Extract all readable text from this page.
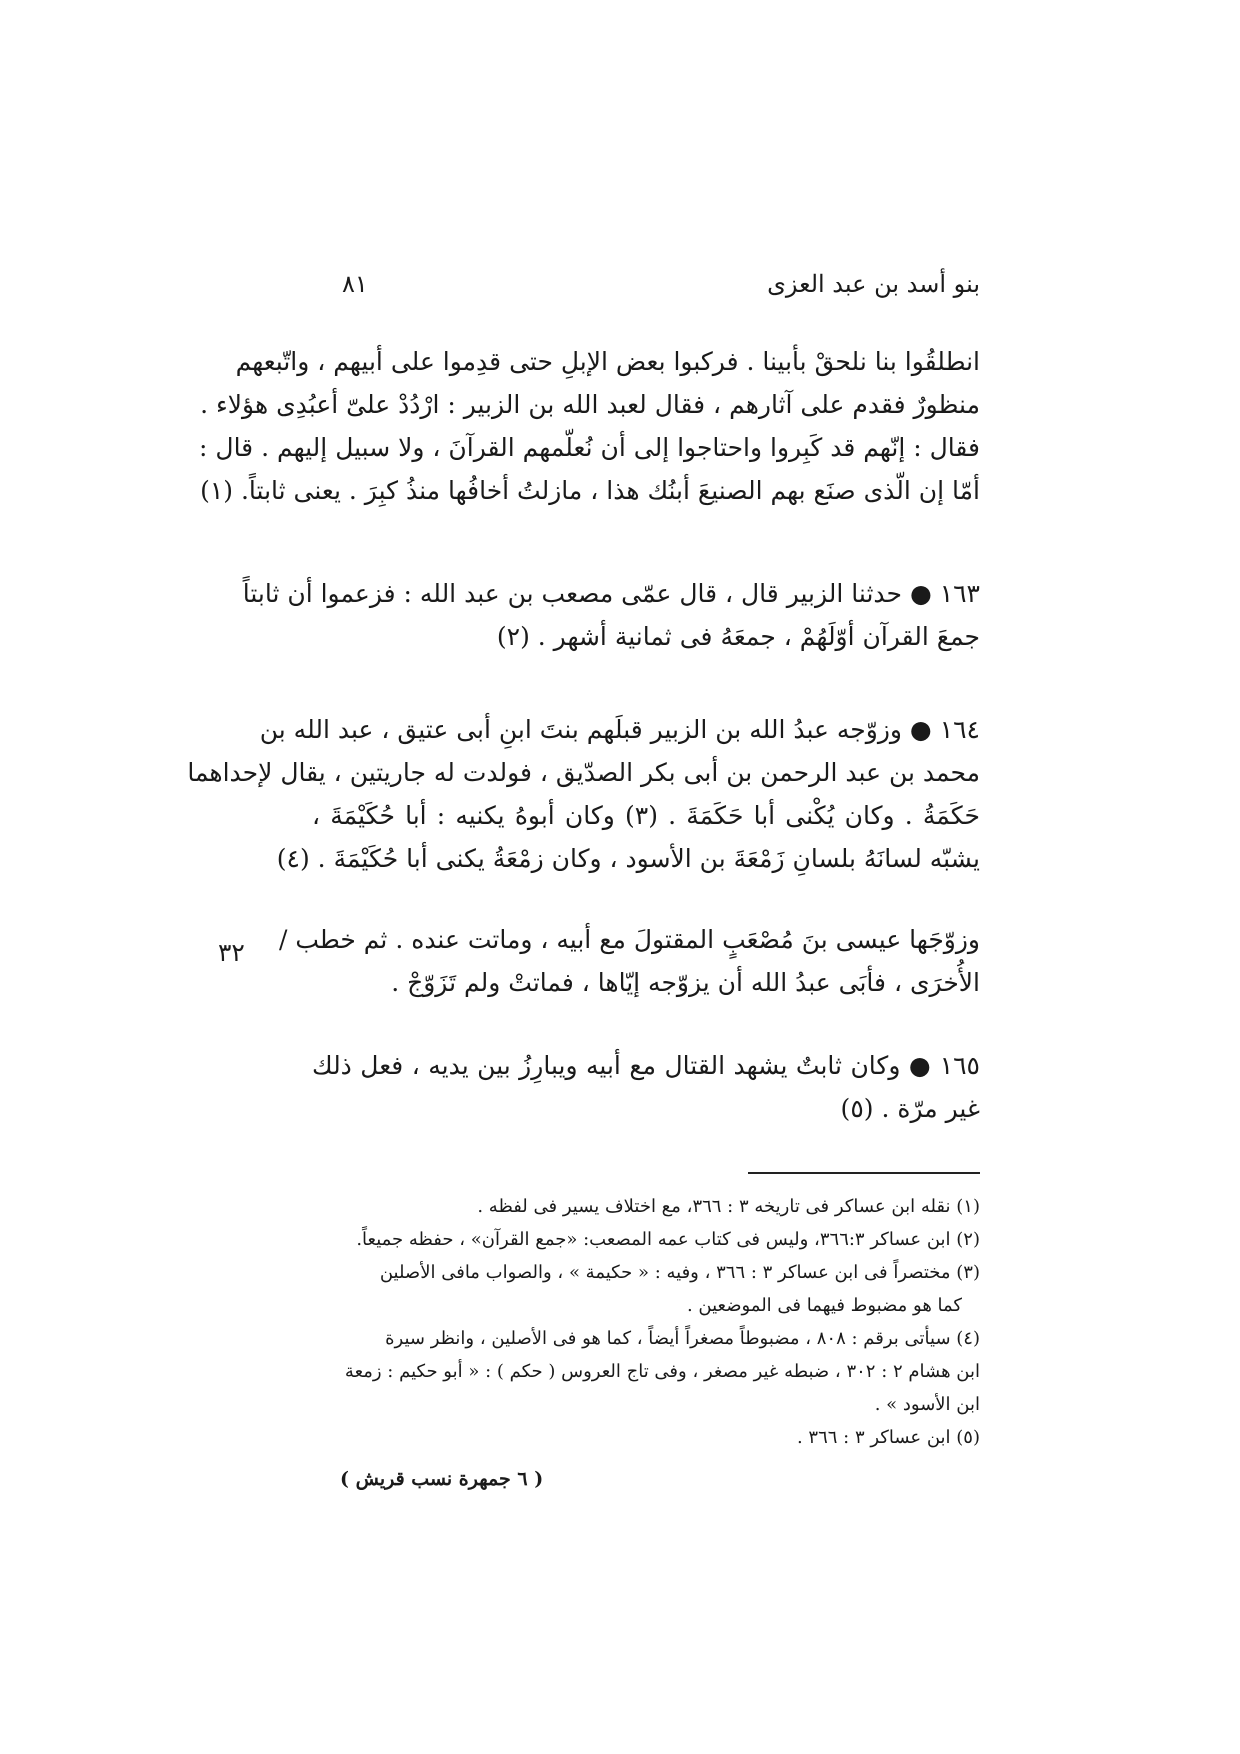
بنو أسد بن عبد العزى
٨١
انطلقُوا بنا نلحقْ بأبينا . فركبوا بعض الإبلِ حتى قدِموا على أبيهم ، واتّبعهم
منظورٌ فقدم على آثارهم ، فقال لعبد الله بن الزبير : ارْدُدْ علىّ أعبُدِى هؤلاء .
فقال : إنّهم قد كَبِروا واحتاجوا إلى أن نُعلّمهم القرآنَ ، ولا سبيل إليهم . قال :
أمّا إن الّذى صنَع بهم الصنيعَ أبنُك هذا ، مازلتُ أخافُها منذُ كبِرَ . يعنى ثابتاً. (١)
١٦٣ ● حدثنا الزبير قال ، قال عمّى مصعب بن عبد الله : فزعموا أن ثابتاً
جمعَ القرآن أوّلَهُمْ ، جمعَهُ فى ثمانية أشهر . (٢)
١٦٤ ● وزوّجه عبدُ الله بن الزبير قبلَهم بنتَ ابنِ أبى عتيق ، عبد الله بن
محمد بن عبد الرحمن بن أبى بكر الصدّيق ، فولدت له جاريتين ، يقال لإحداهما
حَكَمَةُ . وكان يُكْنى أبا حَكَمَةَ . (٣) وكان أبوهُ يكنيه : أبا حُكَيْمَةَ ،
يشبّه لسانَهُ بلسانِ زَمْعَةَ بن الأسود ، وكان زمْعَةُ يكنى أبا حُكَيْمَةَ . (٤)
وزوّجَها عيسى بنَ مُصْعَبٍ المقتولَ مع أبيه ، وماتت عنده . ثم خطب /
الأُخرَى ، فأبَى عبدُ الله أن يزوّجه إيّاها ، فماتتْ ولم تَزَوّجْ .
٣٢
١٦٥ ● وكان ثابتٌ يشهد القتال مع أبيه ويبارِزُ بين يديه ، فعل ذلك
غير مرّة . (٥)
(١) نقله ابن عساكر فى تاريخه ٣ : ٣٦٦، مع اختلاف يسير فى لفظه .
(٢) ابن عساكر ٣٦٦:٣، وليس فى كتاب عمه المصعب: «جمع القرآن» ، حفظه جميعاً.
(٣) مختصراً فى ابن عساكر ٣ : ٣٦٦ ، وفيه : « حكيمة » ، والصواب مافى الأصلين
كما هو مضبوط فيهما فى الموضعين .
(٤) سيأتى برقم : ٨٠٨ ، مضبوطاً مصغراً أيضاً ، كما هو فى الأصلين ، وانظر سيرة
ابن هشام ٢ : ٣٠٢ ، ضبطه غير مصغر ، وفى تاج العروس ( حكم ) : « أبو حكيم : زمعة
ابن الأسود » .
(٥) ابن عساكر ٣ : ٣٦٦ .
( ٦ جمهرة نسب قريش )
